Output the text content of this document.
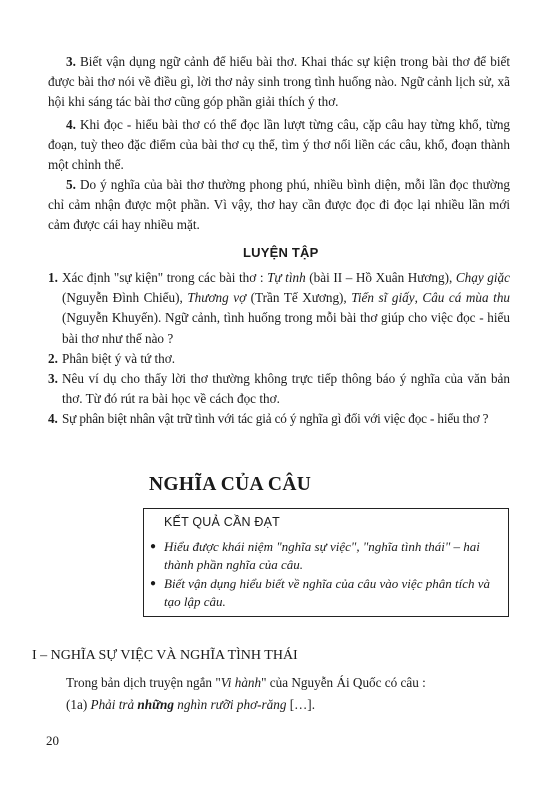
3. Biết vận dụng ngữ cảnh để hiểu bài thơ. Khai thác sự kiện trong bài thơ để biết được bài thơ nói về điều gì, lời thơ nảy sinh trong tình huống nào. Ngữ cảnh lịch sử, xã hội khi sáng tác bài thơ cũng góp phần giải thích ý thơ.

4. Khi đọc - hiểu bài thơ có thể đọc lần lượt từng câu, cặp câu hay từng khổ, từng đoạn, tuỳ theo đặc điểm của bài thơ cụ thể, tìm ý thơ nối liền các câu, khổ, đoạn thành một chỉnh thể.

5. Do ý nghĩa của bài thơ thường phong phú, nhiều bình diện, mỗi lần đọc thường chỉ cảm nhận được một phần. Vì vậy, thơ hay cần được đọc đi đọc lại nhiều lần mới cảm được cái hay nhiều mặt.

LUYỆN TẬP
1. Xác định "sự kiện" trong các bài thơ : Tự tình (bài II – Hồ Xuân Hương), Chạy giặc (Nguyễn Đình Chiểu), Thương vợ (Trần Tế Xương), Tiến sĩ giấy, Câu cá mùa thu (Nguyễn Khuyến). Ngữ cảnh, tình huống trong mỗi bài thơ giúp cho việc đọc - hiểu bài thơ như thế nào ?
2. Phân biệt ý và tứ thơ.
3. Nêu ví dụ cho thấy lời thơ thường không trực tiếp thông báo ý nghĩa của văn bản thơ. Từ đó rút ra bài học về cách đọc thơ.
4. Sự phân biệt nhân vật trữ tình với tác giả có ý nghĩa gì đối với việc đọc - hiểu thơ ?
NGHĨA CỦA CÂU
KẾT QUẢ CẦN ĐẠT
● Hiểu được khái niệm "nghĩa sự việc", "nghĩa tình thái" – hai thành phần nghĩa của câu.
● Biết vận dụng hiểu biết về nghĩa của câu vào việc phân tích và tạo lập câu.
I – NGHĨA SỰ VIỆC VÀ NGHĨA TÌNH THÁI
Trong bản dịch truyện ngắn "Vi hành" của Nguyễn Ái Quốc có câu :
(1a) Phải trả những nghìn rưỡi phơ-răng […].
20
